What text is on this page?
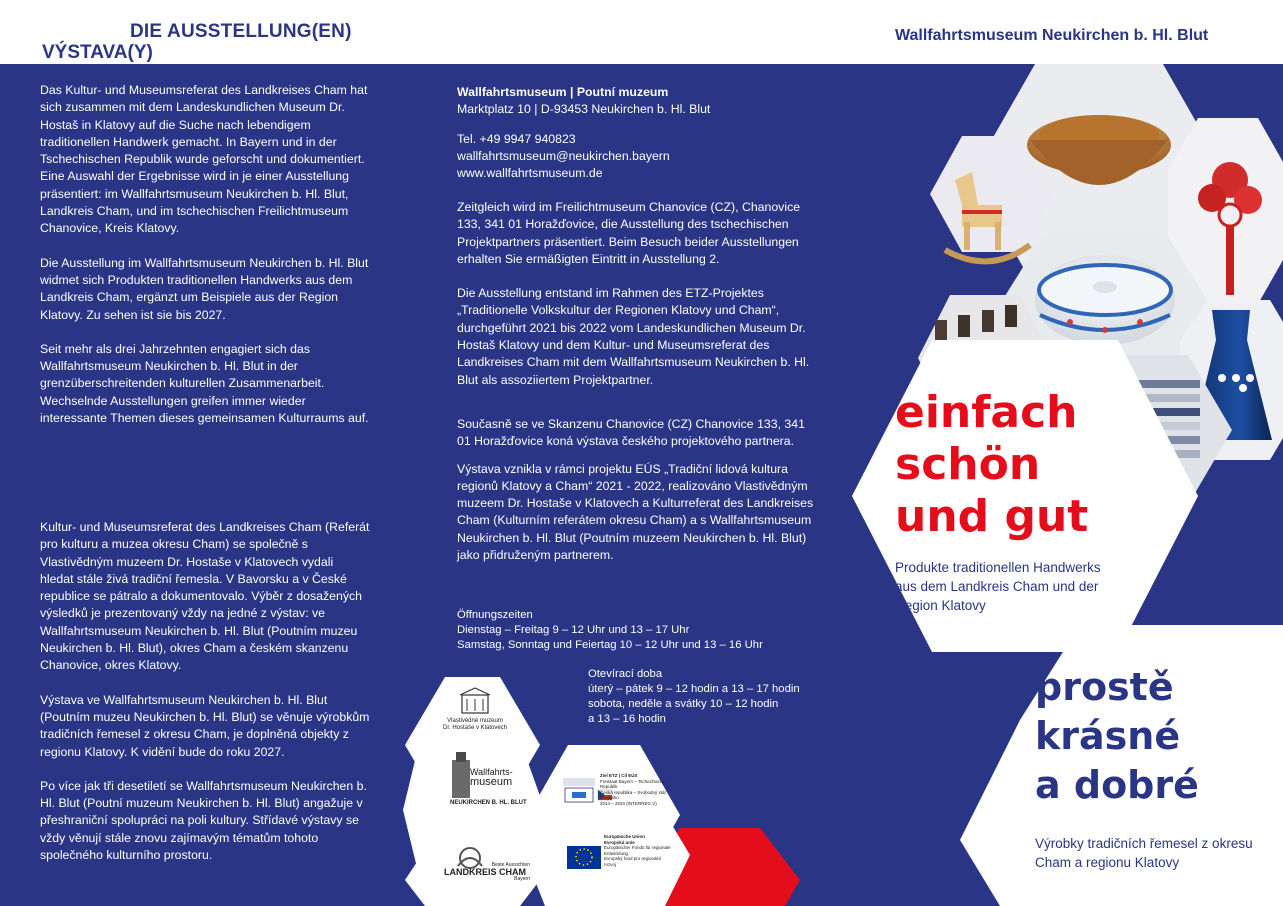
DIE AUSSTELLUNG(EN)
VÝSTAVA(Y)
Wallfahrtsmuseum Neukirchen b. Hl. Blut

Das Kultur- und Museumsreferat des Landkreises Cham hat sich zusammen mit dem Landeskundlichen Museum Dr. Hostaš in Klatovy auf die Suche nach lebendigem traditionellen Handwerk gemacht. In Bayern und in der Tschechischen Republik wurde geforscht und dokumentiert. Eine Auswahl der Ergebnisse wird in je einer Ausstellung präsentiert: im Wallfahrtsmuseum Neukirchen b. Hl. Blut, Landkreis Cham, und im tschechischen Freilichtmuseum Chanovice, Kreis Klatovy.

Die Ausstellung im Wallfahrtsmuseum Neukirchen b. Hl. Blut widmet sich Produkten traditionellen Handwerks aus dem Landkreis Cham, ergänzt um Beispiele aus der Region Klatovy. Zu sehen ist sie bis 2027.

Seit mehr als drei Jahrzehnten engagiert sich das Wallfahrtsmuseum Neukirchen b. Hl. Blut in der grenzüberschreitenden kulturellen Zusammenarbeit. Wechselnde Ausstellungen greifen immer wieder interessante Themen dieses gemeinsamen Kulturraums auf.

Kultur- und Museumsreferat des Landkreises Cham (Referát pro kulturu a muzea okresu Cham) se společně s Vlastivědným muzeem Dr. Hostaše v Klatovech vydali hledat stále živá tradiční řemesla. V Bavorsku a v České republice se pátralo a dokumentovalo. Výběr z dosažených výsledků je prezentovaný vždy na jedné z výstav: ve Wallfahrtsmuseum Neukirchen b. Hl. Blut (Poutním muzeu Neukirchen b. Hl. Blut), okres Cham a českém skanzenu Chanovice, okres Klatovy.

Výstava ve Wallfahrtsmuseum Neukirchen b. Hl. Blut (Poutním muzeu Neukirchen b. Hl. Blut) se věnuje výrobkům tradičních řemesel z okresu Cham, je doplněná objekty z regionu Klatovy. K vidění bude do roku 2027.

Po více jak tři desetiletí se Wallfahrtsmuseum Neukirchen b. Hl. Blut (Poutní muzeum Neukirchen b. Hl. Blut) angažuje v přeshraniční spolupráci na poli kultury. Střídavé výstavy se vždy věnují stále znovu zajímavým tématům tohoto společného kulturního prostoru.

Wallfahrtsmuseum | Poutní muzeum
Marktplatz 10 | D-93453 Neukirchen b. Hl. Blut
Tel. +49 9947 940823
wallfahrtsmuseum@neukirchen.bayern
www.wallfahrtsmuseum.de

Zeitgleich wird im Freilichtmuseum Chanovice (CZ), Chanovice 133, 341 01 Horažďovice, die Ausstellung des tschechischen Projektpartners präsentiert. Beim Besuch beider Ausstellungen erhalten Sie ermäßigten Eintritt in Ausstellung 2.

Die Ausstellung entstand im Rahmen des ETZ-Projektes „Traditionelle Volkskultur der Regionen Klatovy und Cham“, durchgeführt 2021 bis 2022 vom Landeskundlichen Museum Dr. Hostaš Klatovy und dem Kultur- und Museumsreferat des Landkreises Cham mit dem Wallfahrtsmuseum Neukirchen b. Hl. Blut als assoziiertem Projektpartner.

Současně se ve Skanzenu Chanovice (CZ) Chanovice 133, 341 01 Horažďovice koná výstava českého projektového partnera.

Výstava vznikla v rámci projektu EÚS „Tradiční lidová kultura regionů Klatovy a Cham“ 2021 - 2022, realizováno Vlastivědným muzeem Dr. Hostaše v Klatovech a Kulturreferat des Landkreises Cham (Kulturním referátem okresu Cham) a s Wallfahrtsmuseum Neukirchen b. Hl. Blut (Poutním muzeem Neukirchen b. Hl. Blut) jako přidruženým partnerem.

Öffnungszeiten
Dienstag – Freitag 9 – 12 Uhr und 13 – 17 Uhr
Samstag, Sonntag und Feiertag 10 – 12 Uhr und 13 – 16 Uhr
Otevírací doba
úterý – pátek 9 – 12 hodin a 13 – 17 hodin
sobota, neděle a svátky 10 – 12 hodin
a 13 – 16 hodin
Vlastivědné muzeum
Dr. Hostaše v Klatovech
Wallfahrts-
museum
NEUKIRCHEN B. HL. BLUT
Ziel ETZ | Cíl EÚS
Freistaat Bayern – Tschechische Republik
Česká republika – Svobodný stát Bavorsko
2014 – 2020 (INTERREG V)
Europäische Union
Evropská unie
Europäischer Fonds für regionale Entwicklung
Evropský fond pro regionální rozvoj
Beste Aussichten
LANDKREIS CHAM
Bayern
einfach
schön
und gut
Produkte traditionellen Handwerks aus dem Landkreis Cham und der Region Klatovy
prostě
krásné
a dobré
Výrobky tradičních řemesel z okresu Cham a regionu Klatovy
